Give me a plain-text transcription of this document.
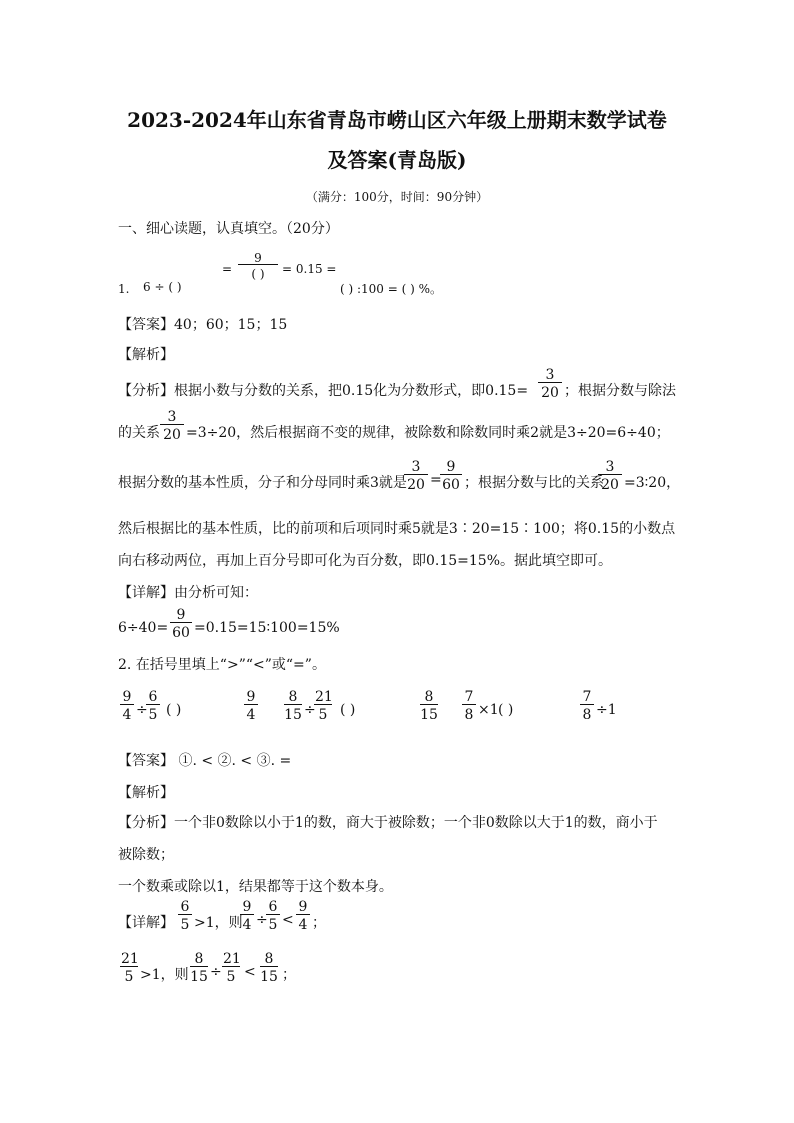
2023-2024年山东省青岛市崂山区六年级上册期末数学试卷
及答案(青岛版)
（满分：100分，时间：90分钟）
一、细心读题，认真填空。（20分）
1. 6 ÷ ( )
=
9
( )	= 0.15 =
( ) :100 = ( ) %。
【答案】40；60；15；15
【解析】
【分析】根据小数与分数的关系，把0.15化为分数形式，即$0.15= \frac{3}{20}$ ；根据分数与除法
的关系 $\frac{3}{20} =3\div 20$，然后根据商不变的规律，被除数和除数同时乘2就是3÷20=6÷40；
根据分数的基本性质，分子和分母同时乘3就是
$\frac{3}{20}$ =
$\frac{9}{60}$ ；根据分数与比的关系
$\frac{3}{20}$ =3∶20，
然后根据比的基本性质，比的前项和后项同时乘5就是3∶20=15∶100；将0.15的小数点
向右移动两位，再加上百分号即可化为百分数，即0.15=15%。据此填空即可。
【详解】由分析可知：
$6\div 40= \frac{9}{60}$ =0.15=15∶100=15%
2. 在括号里填上“>”“<”或“=”。
$\frac{9}{4}$ ÷
$\frac{6}{5}$ ( )	$\frac{9}{4} \frac{8}{15}$ ÷
$\frac{21}{5}$ ( )	$\frac{8}{15} \frac{7}{8} \times 1$ ( )	$\frac{7}{8} \div 1$
【答案】 ①. < ②. < ③. =
【解析】
【分析】一个非0数除以小于1的数，商大于被除数；一个非0数除以大于1的数，商小于
被除数；
一个数乘或除以1，结果都等于这个数本身。
【详解】 $\frac{6}{5} >1$，则
$\frac{9}{4}$ ÷
$\frac{6}{5} < \frac{9}{4}$ ；
$\frac{21}{5} >1$，则 $\frac{8}{15} \div \frac{21}{5} < \frac{8}{15}$ ；
